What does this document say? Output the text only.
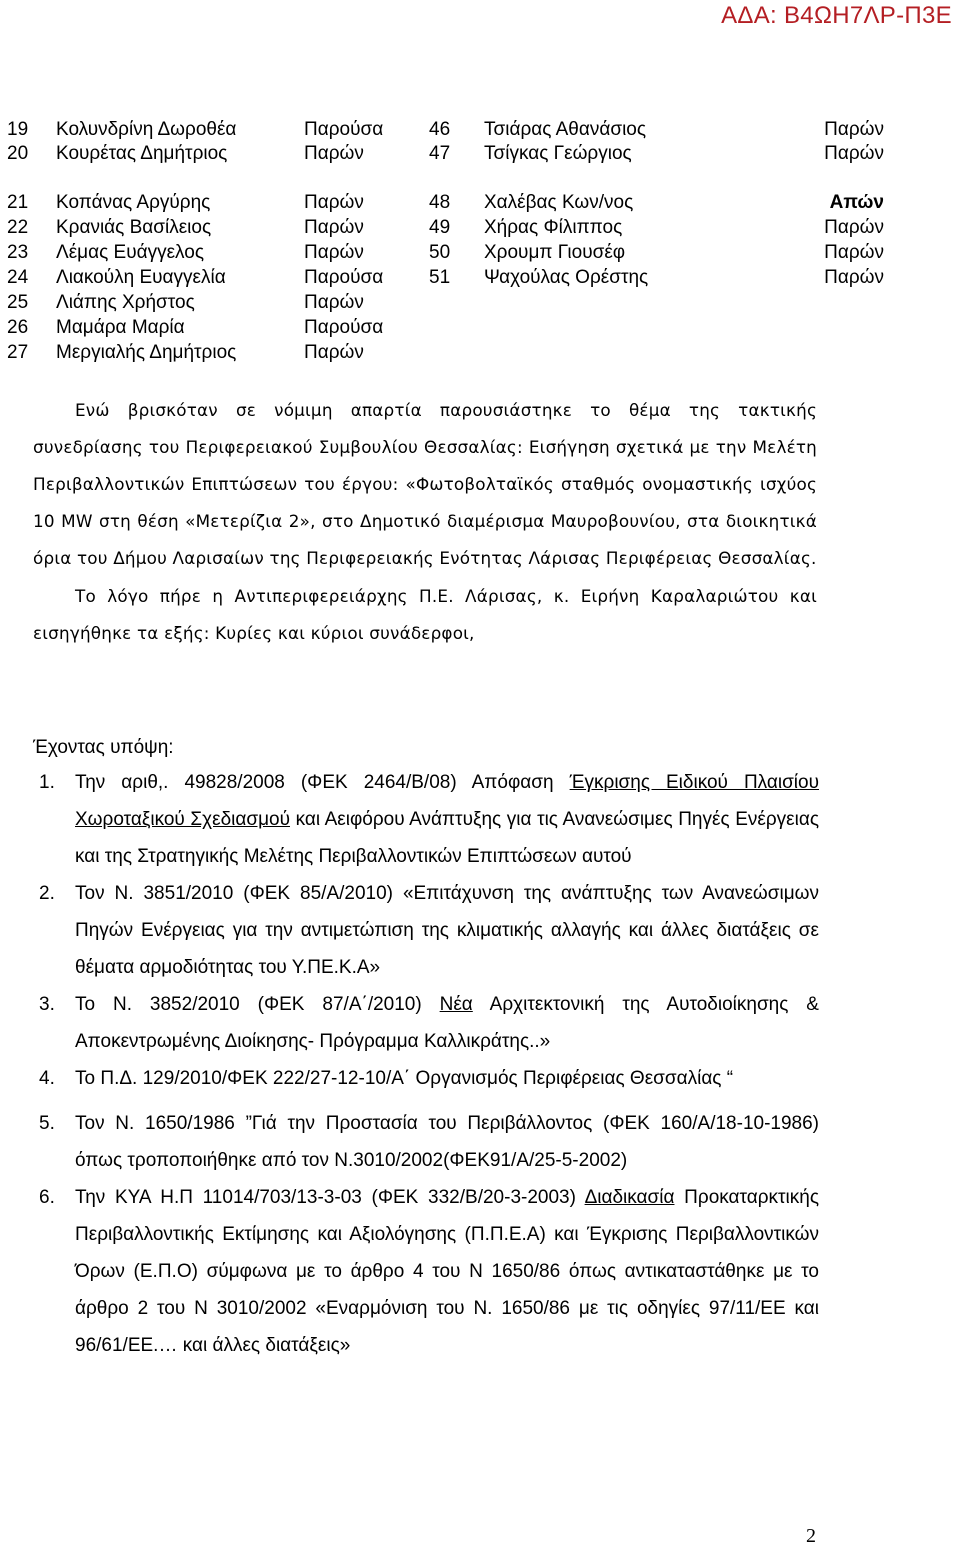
ΑΔΑ: Β4ΩΗ7ΛΡ-Π3Ε
19 Κολυνδρίνη Δωροθέα	Παρούσα 46 Τσιάρας Αθανάσιος	Παρών
20 Κουρέτας Δημήτριος	Παρών	47 Τσίγκας Γεώργιος	Παρών
21 Κοπάνας Αργύρης	Παρών	48 Χαλέβας Κων/νος	Απών
22 Κρανιάς Βασίλειος	Παρών	49 Χήρας Φίλιππος	Παρών
23 Λέμας Ευάγγελος	Παρών	50 Χρουμπ Γιουσέφ	Παρών
24 Λιακούλη Ευαγγελία	Παρούσα 51 Ψαχούλας Ορέστης	Παρών
25 Λιάπης Χρήστος	Παρών
26 Μαμάρα Μαρία	Παρούσα
27 Μεργιαλής Δημήτριος	Παρών

Ενώ βρισκόταν σε νόμιμη απαρτία παρουσιάστηκε το θέμα της τακτικής συνεδρίασης του Περιφερειακού Συμβουλίου Θεσσαλίας: Εισήγηση σχετικά με την Μελέτη Περιβαλλοντικών Επιπτώσεων του έργου: «Φωτοβολταϊκός σταθμός ονομαστικής ισχύος 10 MW στη θέση «Μετερίζια 2», στο Δημοτικό διαμέρισμα Μαυροβουνίου, στα διοικητικά όρια του Δήμου Λαρισαίων της Περιφερειακής Ενότητας Λάρισας Περιφέρειας Θεσσαλίας.

Το λόγο πήρε η Αντιπεριφερειάρχης Π.Ε. Λάρισας, κ. Ειρήνη Καραλαριώτου και εισηγήθηκε τα εξής: Κυρίες και κύριοι συνάδερφοι,

Έχοντας υπόψη:
1. Την αριθ,. 49828/2008 (ΦΕΚ 2464/Β/08) Απόφαση Έγκρισης Ειδικού Πλαισίου Χωροταξικού Σχεδιασμού και Αειφόρου Ανάπτυξης για τις Ανανεώσιμες Πηγές Ενέργειας και της Στρατηγικής Μελέτης Περιβαλλοντικών Επιπτώσεων αυτού
2. Τον Ν. 3851/2010 (ΦΕΚ 85/Α/2010) «Επιτάχυνση της ανάπτυξης των Ανανεώσιμων Πηγών Ενέργειας για την αντιμετώπιση της κλιματικής αλλαγής και άλλες διατάξεις σε θέματα αρμοδιότητας του Υ.ΠΕ.Κ.Α»
3. Το Ν. 3852/2010 (ΦΕΚ 87/Α΄/2010) Νέα Αρχιτεκτονική της Αυτοδιοίκησης & Αποκεντρωμένης Διοίκησης- Πρόγραμμα Καλλικράτης..»
4. Το Π.Δ. 129/2010/ΦΕΚ 222/27-12-10/Α΄ Οργανισμός Περιφέρειας Θεσσαλίας “
5. Τον Ν. 1650/1986 ”Γιά την Προστασία του Περιβάλλοντος (ΦΕΚ 160/Α/18-10-1986) όπως τροποποιήθηκε από τον Ν.3010/2002(ΦΕΚ91/Α/25-5-2002)
6. Την ΚΥΑ Η.Π 11014/703/13-3-03 (ΦΕΚ 332/Β/20-3-2003) Διαδικασία Προκαταρκτικής Περιβαλλοντικής Εκτίμησης και Αξιολόγησης (Π.Π.Ε.Α) και Έγκρισης Περιβαλλοντικών Όρων (Ε.Π.Ο) σύμφωνα με το άρθρο 4 του Ν 1650/86 όπως αντικαταστάθηκε με το άρθρο 2 του Ν 3010/2002 «Εναρμόνιση του Ν. 1650/86 με τις οδηγίες 97/11/ΕΕ και 96/61/ΕΕ.… και άλλες διατάξεις»
2
